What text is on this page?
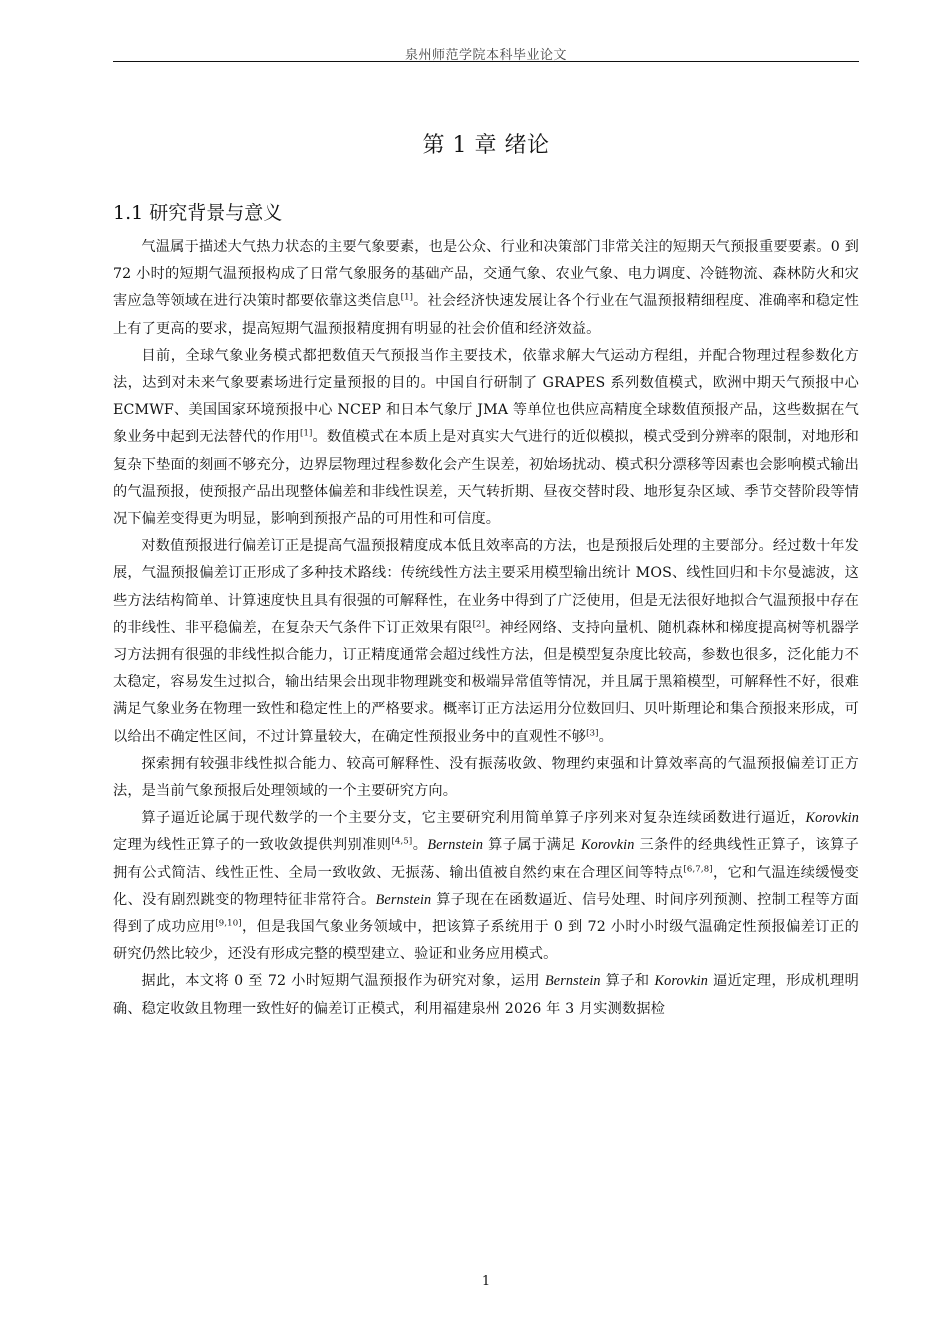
泉州师范学院本科毕业论文
第 1 章 绪论
1.1 研究背景与意义

气温属于描述大气热力状态的主要气象要素，也是公众、行业和决策部门非常关注的短期天气预报重要要素。0 到 72 小时的短期气温预报构成了日常气象服务的基础产品，交通气象、农业气象、电力调度、冷链物流、森林防火和灾害应急等领域在进行决策时都要依靠这类信息[1]。社会经济快速发展让各个行业在气温预报精细程度、准确率和稳定性上有了更高的要求，提高短期气温预报精度拥有明显的社会价值和经济效益。

目前，全球气象业务模式都把数值天气预报当作主要技术，依靠求解大气运动方程组，并配合物理过程参数化方法，达到对未来气象要素场进行定量预报的目的。中国自行研制了 GRAPES 系列数值模式，欧洲中期天气预报中心 ECMWF、美国国家环境预报中心 NCEP 和日本气象厅 JMA 等单位也供应高精度全球数值预报产品，这些数据在气象业务中起到无法替代的作用[1]。数值模式在本质上是对真实大气进行的近似模拟，模式受到分辨率的限制，对地形和复杂下垫面的刻画不够充分，边界层物理过程参数化会产生误差，初始场扰动、模式积分漂移等因素也会影响模式输出的气温预报，使预报产品出现整体偏差和非线性误差，天气转折期、昼夜交替时段、地形复杂区域、季节交替阶段等情况下偏差变得更为明显，影响到预报产品的可用性和可信度。

对数值预报进行偏差订正是提高气温预报精度成本低且效率高的方法，也是预报后处理的主要部分。经过数十年发展，气温预报偏差订正形成了多种技术路线：传统线性方法主要采用模型输出统计 MOS、线性回归和卡尔曼滤波，这些方法结构简单、计算速度快且具有很强的可解释性，在业务中得到了广泛使用，但是无法很好地拟合气温预报中存在的非线性、非平稳偏差，在复杂天气条件下订正效果有限[2]。神经网络、支持向量机、随机森林和梯度提高树等机器学习方法拥有很强的非线性拟合能力，订正精度通常会超过线性方法，但是模型复杂度比较高，参数也很多，泛化能力不太稳定，容易发生过拟合，输出结果会出现非物理跳变和极端异常值等情况，并且属于黑箱模型，可解释性不好，很难满足气象业务在物理一致性和稳定性上的严格要求。概率订正方法运用分位数回归、贝叶斯理论和集合预报来形成，可以给出不确定性区间，不过计算量较大，在确定性预报业务中的直观性不够[3]。

探索拥有较强非线性拟合能力、较高可解释性、没有振荡收敛、物理约束强和计算效率高的气温预报偏差订正方法，是当前气象预报后处理领域的一个主要研究方向。

算子逼近论属于现代数学的一个主要分支，它主要研究利用简单算子序列来对复杂连续函数进行逼近，Korovkin 定理为线性正算子的一致收敛提供判别准则[4,5]。Bernstein 算子属于满足 Korovkin 三条件的经典线性正算子，该算子拥有公式简洁、线性正性、全局一致收敛、无振荡、输出值被自然约束在合理区间等特点[6,7,8]，它和气温连续缓慢变化、没有剧烈跳变的物理特征非常符合。Bernstein 算子现在在函数逼近、信号处理、时间序列预测、控制工程等方面得到了成功应用[9,10]，但是我国气象业务领域中，把该算子系统用于 0 到 72 小时小时级气温确定性预报偏差订正的研究仍然比较少，还没有形成完整的模型建立、验证和业务应用模式。

据此，本文将 0 至 72 小时短期气温预报作为研究对象，运用 Bernstein 算子和 Korovkin 逼近定理，形成机理明确、稳定收敛且物理一致性好的偏差订正模式，利用福建泉州 2026 年 3 月实测数据检

1
